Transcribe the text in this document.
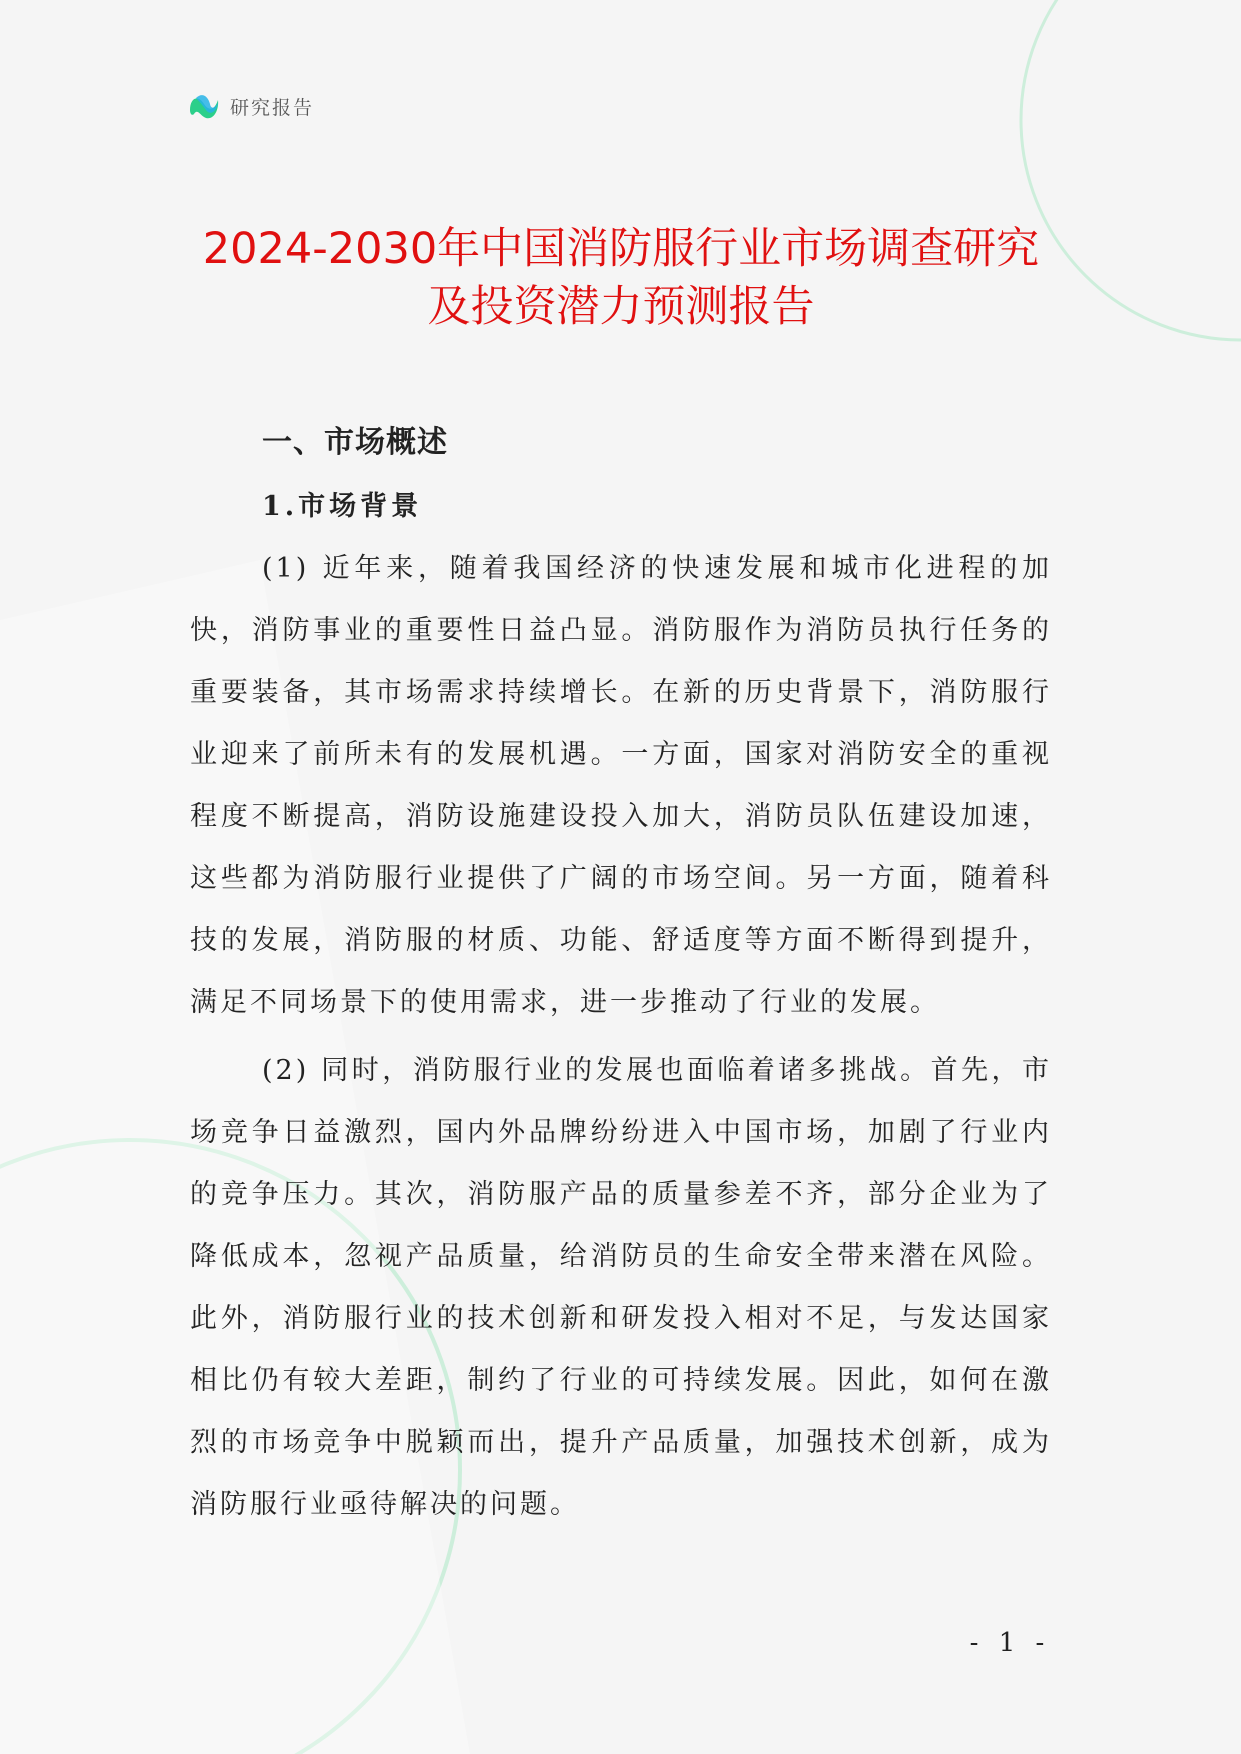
研究报告
2024-2030年中国消防服行业市场调查研究
及投资潜力预测报告
一、市场概述
1.市场背景

(1) 近年来，随着我国经济的快速发展和城市化进程的加快，消防事业的重要性日益凸显。消防服作为消防员执行任务的重要装备，其市场需求持续增长。在新的历史背景下，消防服行业迎来了前所未有的发展机遇。一方面，国家对消防安全的重视程度不断提高，消防设施建设投入加大，消防员队伍建设加速，这些都为消防服行业提供了广阔的市场空间。另一方面，随着科技的发展，消防服的材质、功能、舒适度等方面不断得到提升，满足不同场景下的使用需求，进一步推动了行业的发展。

(2) 同时，消防服行业的发展也面临着诸多挑战。首先，市场竞争日益激烈，国内外品牌纷纷进入中国市场，加剧了行业内的竞争压力。其次，消防服产品的质量参差不齐，部分企业为了降低成本，忽视产品质量，给消防员的生命安全带来潜在风险。此外，消防服行业的技术创新和研发投入相对不足，与发达国家相比仍有较大差距，制约了行业的可持续发展。因此，如何在激烈的市场竞争中脱颖而出，提升产品质量，加强技术创新，成为消防服行业亟待解决的问题。

- 1 -
